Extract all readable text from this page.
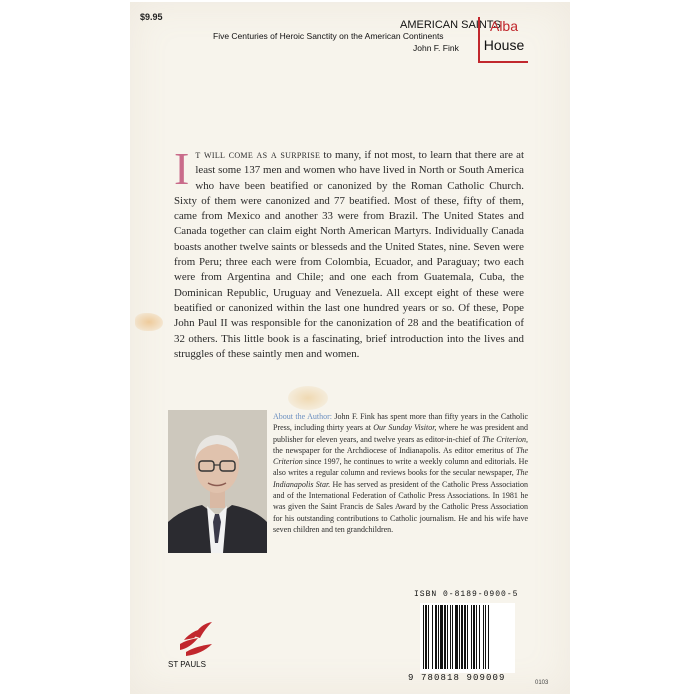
$9.95
AMERICAN SAINTS
Five Centuries of Heroic Sanctity on the American Continents
John F. Fink
Alba
House
It will come as a surprise to many, if not most, to learn that there are at least some 137 men and women who have lived in North or South America who have been beatified or canonized by the Roman Catholic Church. Sixty of them were canonized and 77 beatified. Most of these, fifty of them, came from Mexico and another 33 were from Brazil. The United States and Canada together can claim eight North American Martyrs. Individually Canada boasts another twelve saints or blesseds and the United States, nine. Seven were from Peru; three each were from Colombia, Ecuador, and Paraguay; two each were from Argentina and Chile; and one each from Guatemala, Cuba, the Dominican Republic, Uruguay and Venezuela. All except eight of these were beatified or canonized within the last one hundred years or so. Of these, Pope John Paul II was responsible for the canonization of 28 and the beatification of 32 others. This little book is a fascinating, brief introduction into the lives and struggles of these saintly men and women.
About the Author: John F. Fink has spent more than fifty years in the Catholic Press, including thirty years at Our Sunday Visitor, where he was president and publisher for eleven years, and twelve years as editor-in-chief of The Criterion, the newspaper for the Archdiocese of Indianapolis. As editor emeritus of The Criterion since 1997, he continues to write a weekly column and editorials. He also writes a regular column and reviews books for the secular newspaper, The Indianapolis Star. He has served as president of the Catholic Press Association and of the International Federation of Catholic Press Associations. In 1981 he was given the Saint Francis de Sales Award by the Catholic Press Association for his outstanding contributions to Catholic journalism. He and his wife have seven children and ten grandchildren.
ISBN 0-8189-0900-5
9 780818 909009
ST PAULS
0103
